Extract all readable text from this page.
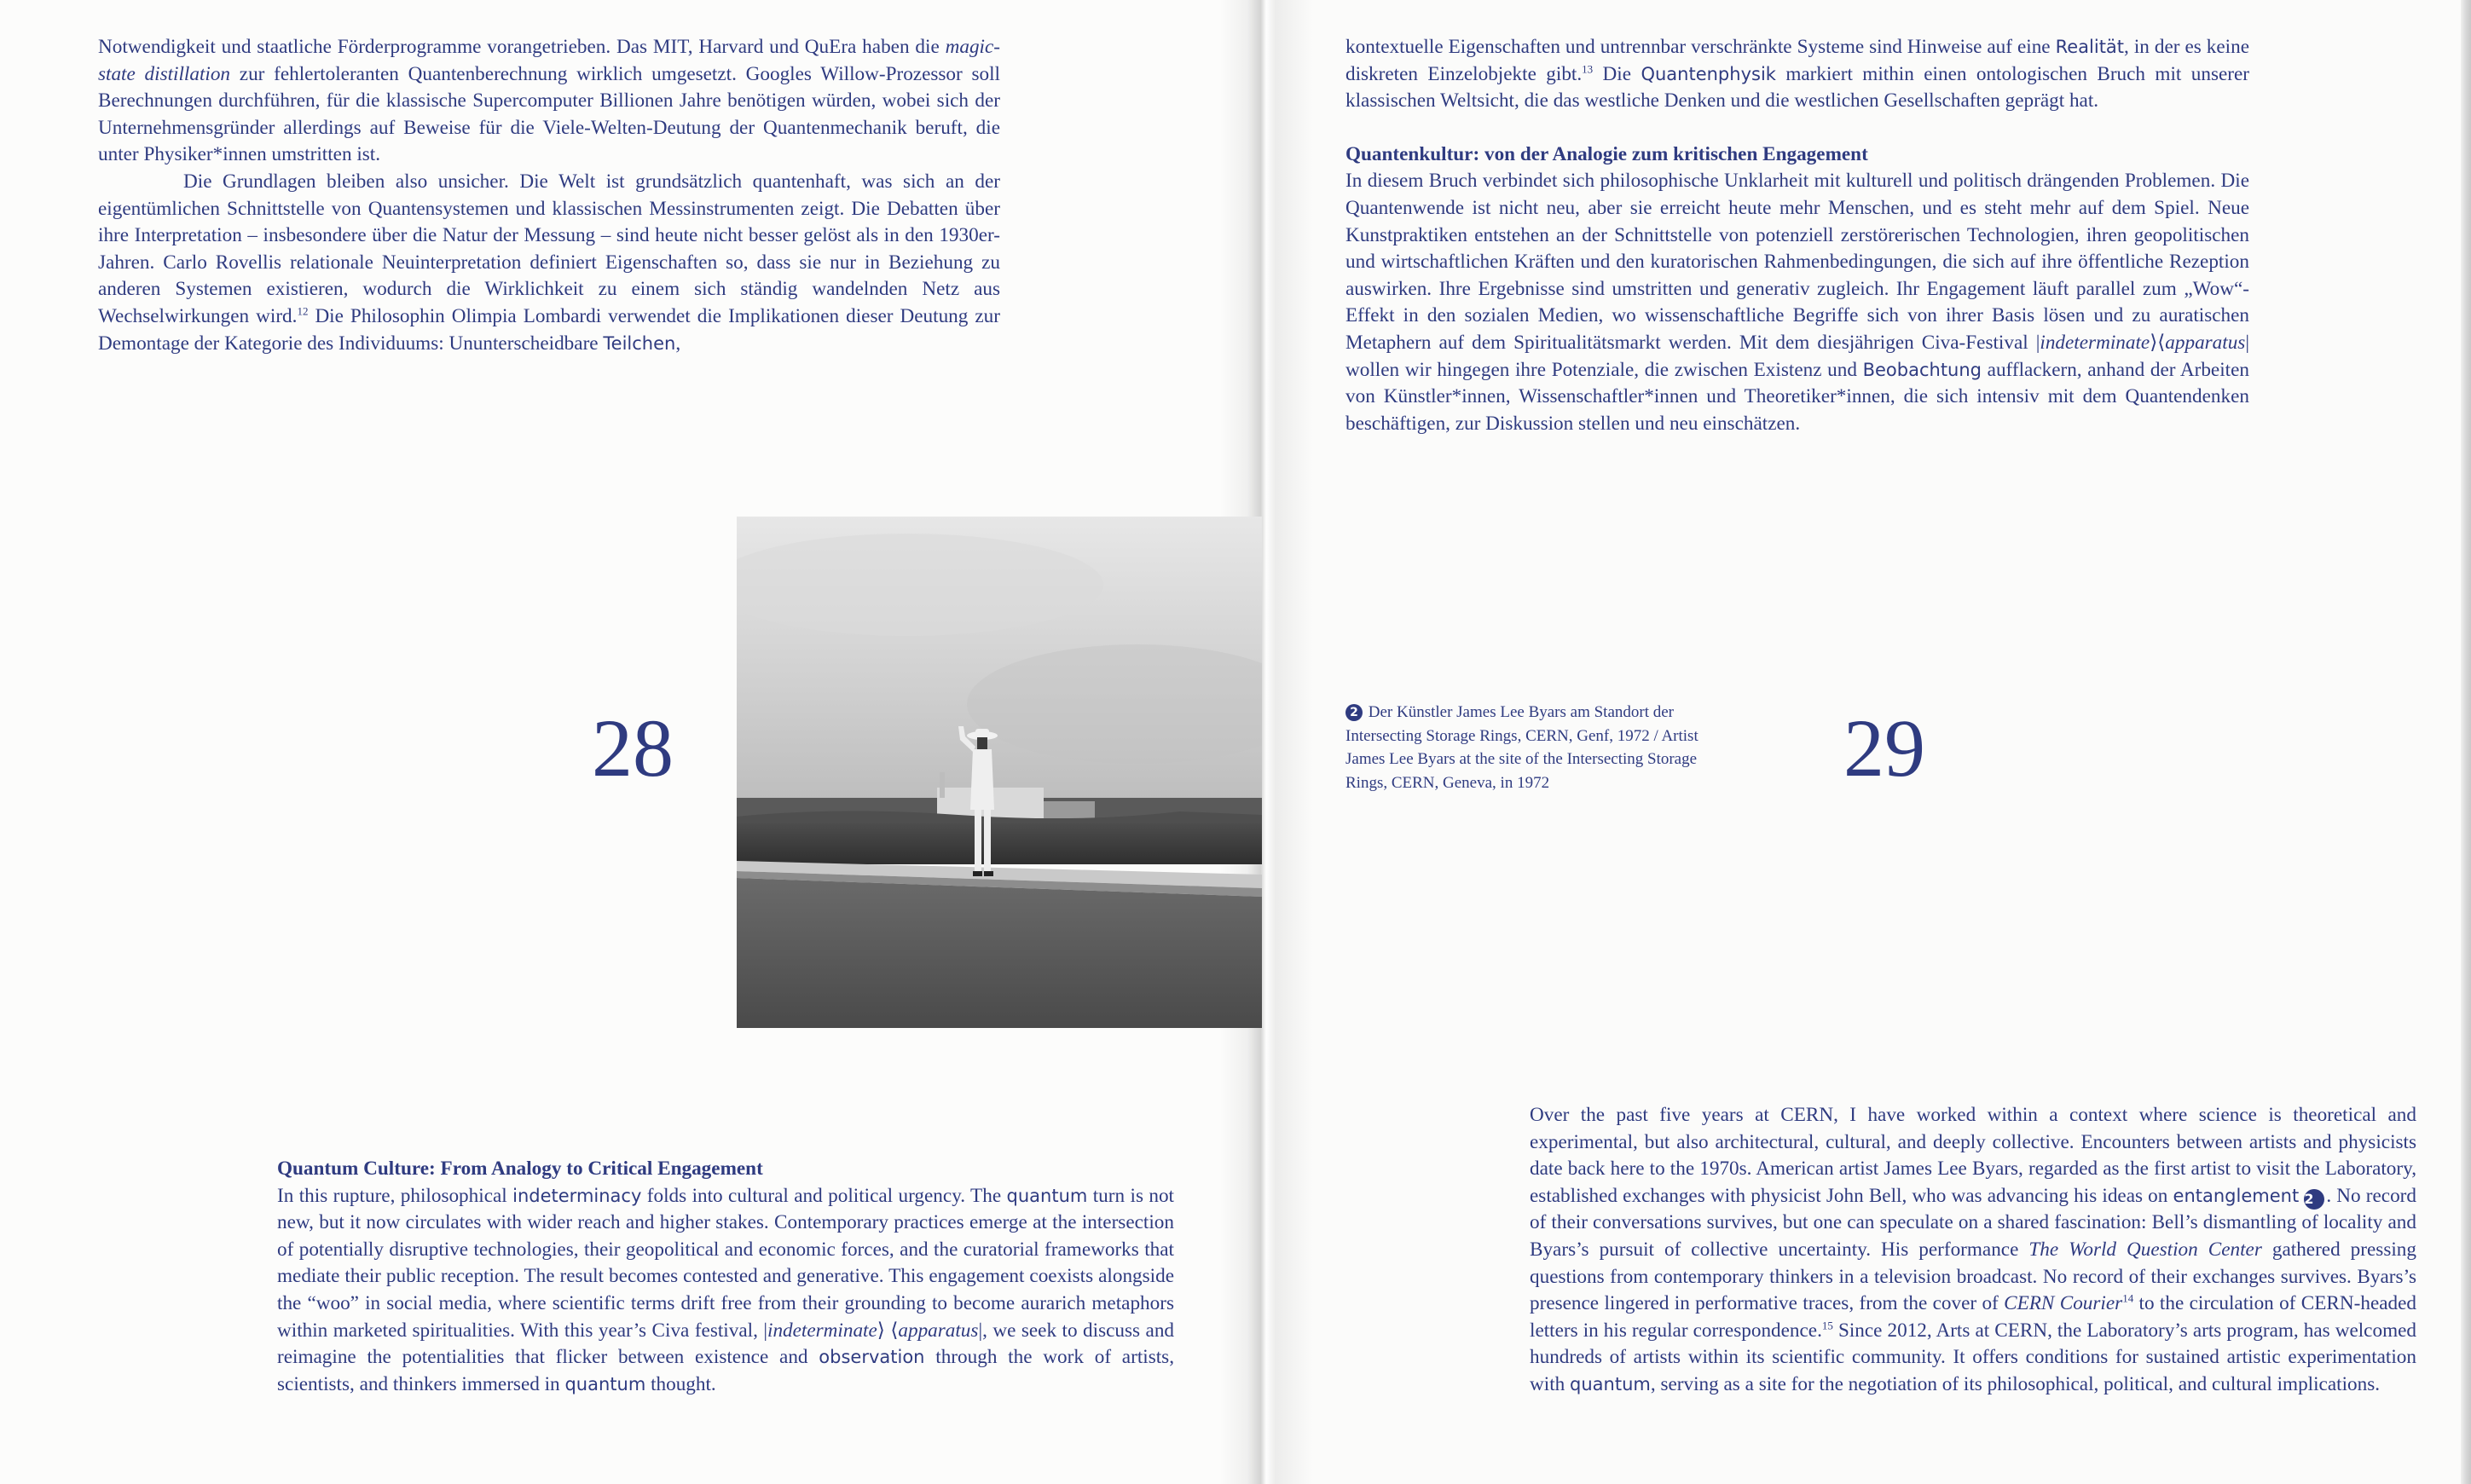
Notwendigkeit und staatliche Förderprogramme vorangetrieben. Das MIT, Harvard und QuEra haben die magic-state distillation zur fehlertoleranten Quantenberechnung wirklich umgesetzt. Googles Willow-Prozessor soll Berechnungen durchführen, für die klassische Supercomputer Billionen Jahre benötigen würden, wobei sich der Unternehmensgründer allerdings auf Beweise für die Viele-Welten-Deutung der Quantenmechanik beruft, die unter Physiker*innen umstritten ist.

Die Grundlagen bleiben also unsicher. Die Welt ist grundsätzlich quantenhaft, was sich an der eigentümlichen Schnittstelle von Quantensystemen und klassischen Messinstrumenten zeigt. Die Debatten über ihre Interpretation – insbesondere über die Natur der Messung – sind heute nicht besser gelöst als in den 1930er-Jahren. Carlo Rovellis relationale Neuinterpretation definiert Eigenschaften so, dass sie nur in Beziehung zu anderen Systemen existieren, wodurch die Wirklichkeit zu einem sich ständig wandelnden Netz aus Wechselwirkungen wird.$^{12}$ Die Philosophin Olimpia Lombardi verwendet die Implikationen dieser Deutung zur Demontage der Kategorie des Individuums: Ununterscheidbare Teilchen,

28

Quantum Culture: From Analogy to Critical Engagement

In this rupture, philosophical indeterminacy folds into cultural and political urgency. The quantum turn is not new, but it now circulates with wider reach and higher stakes. Contemporary practices emerge at the intersection of potentially disruptive technologies, their geopolitical and economic forces, and the curatorial frameworks that mediate their public reception. The result becomes contested and generative. This engagement coexists alongside the “woo” in social media, where scientific terms drift free from their grounding to become aurarich metaphors within marketed spiritualities. With this year’s Civa festival, |indeterminate⟩ ⟨apparatus|, we seek to discuss and reimagine the potentialities that flicker between existence and observation through the work of artists, scientists, and thinkers immersed in quantum thought.

kontextuelle Eigenschaften und untrennbar verschränkte Systeme sind Hinweise auf eine Realität, in der es keine diskreten Einzelobjekte gibt.$^{13}$ Die Quantenphysik markiert mithin einen ontologischen Bruch mit unserer klassischen Weltsicht, die das westliche Denken und die westlichen Gesellschaften geprägt hat.

Quantenkultur: von der Analogie zum kritischen Engagement

In diesem Bruch verbindet sich philosophische Unklarheit mit kulturell und politisch drängenden Problemen. Die Quantenwende ist nicht neu, aber sie erreicht heute mehr Menschen, und es steht mehr auf dem Spiel. Neue Kunstpraktiken entstehen an der Schnittstelle von potenziell zerstörerischen Technologien, ihren geopolitischen und wirtschaftlichen Kräften und den kuratorischen Rahmenbedingungen, die sich auf ihre öffentliche Rezeption auswirken. Ihre Ergebnisse sind umstritten und generativ zugleich. Ihr Engagement läuft parallel zum „Wow“-Effekt in den sozialen Medien, wo wissenschaftliche Begriffe sich von ihrer Basis lösen und zu auratischen Metaphern auf dem Spiritualitätsmarkt werden. Mit dem diesjährigen Civa-Festival |indeterminate⟩⟨apparatus| wollen wir hingegen ihre Potenziale, die zwischen Existenz und Beobachtung aufflackern, anhand der Arbeiten von Künstler*innen, Wissenschaftler*innen und Theoretiker*innen, die sich intensiv mit dem Quantendenken beschäftigen, zur Diskussion stellen und neu einschätzen.

2 Der Künstler James Lee Byars am Standort der Intersecting Storage Rings, CERN, Genf, 1972 / Artist James Lee Byars at the site of the Intersecting Storage Rings, CERN, Geneva, in 1972	29

Over the past five years at CERN, I have worked within a context where science is theoretical and experimental, but also architectural, cultural, and deeply collective. Encounters between artists and physicists date back here to the 1970s. American artist James Lee Byars, regarded as the first artist to visit the Laboratory, established exchanges with physicist John Bell, who was advancing his ideas on entanglement 2 . No record of their conversations survives, but one can speculate on a shared fascination: Bell’s dismantling of locality and Byars’s pursuit of collective uncertainty. His performance The World Question Center gathered pressing questions from contemporary thinkers in a television broadcast. No record of their exchanges survives. Byars’s presence lingered in performative traces, from the cover of CERN Courier$^{14}$ to the circulation of CERN-headed letters in his regular correspondence.$^{15}$ Since 2012, Arts at CERN, the Laboratory’s arts program, has welcomed hundreds of artists within its scientific community. It offers conditions for sustained artistic experimentation with quantum, serving as a site for the negotiation of its philosophical, political, and cultural implications.
